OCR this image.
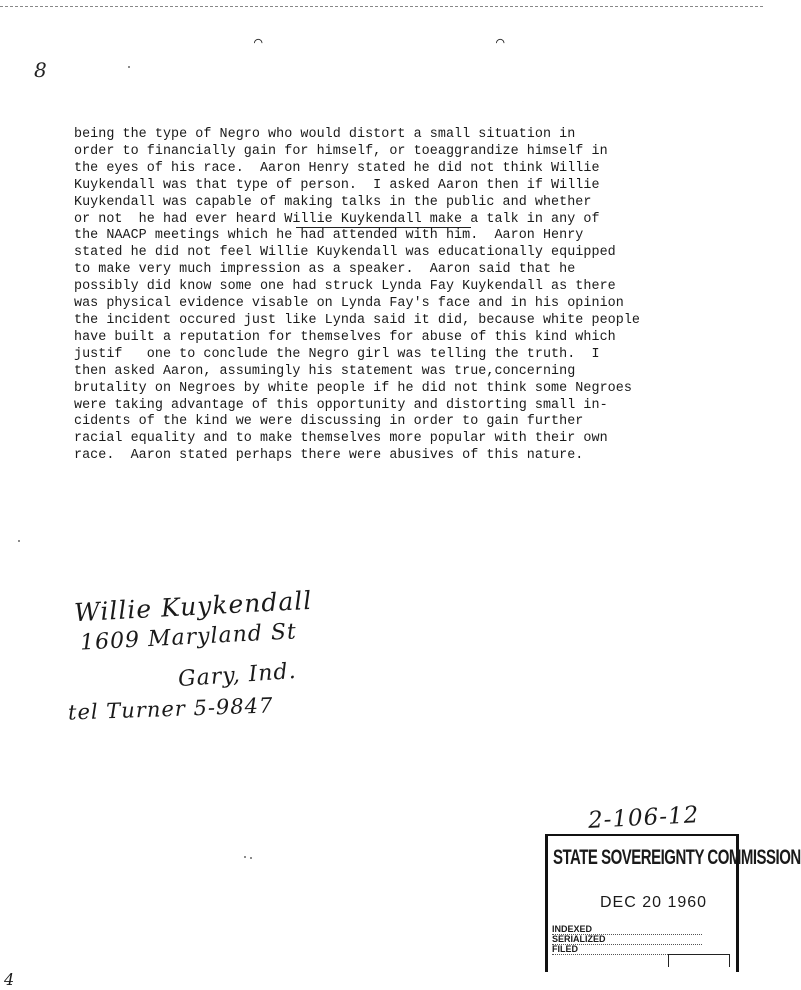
⌒	⌒
8

being the type of Negro who would distort a small situation in

order to financially gain for himself, or toeaggrandize himself in

the eyes of his race.  Aaron Henry stated he did not think Willie

Kuykendall was that type of person.  I asked Aaron then if Willie

Kuykendall was capable of making talks in the public and whether

or not  he had ever heard Willie Kuykendall make a talk in any of

the NAACP meetings which he had attended with him.  Aaron Henry

stated he did not feel Willie Kuykendall was educationally equipped

to make very much impression as a speaker.  Aaron said that he

possibly did know some one had struck Lynda Fay Kuykendall as there

was physical evidence visable on Lynda Fay's face and in his opinion

the incident occured just like Lynda said it did, because white people

have built a reputation for themselves for abuse of this kind which

justif   one to conclude the Negro girl was telling the truth.  I

then asked Aaron, assumingly his statement was true,concerning

brutality on Negroes by white people if he did not think some Negroes

were taking advantage of this opportunity and distorting small in-

cidents of the kind we were discussing in order to gain further

racial equality and to make themselves more popular with their own

race.  Aaron stated perhaps there were abusives of this nature.

Willie Kuykendall
1609 Maryland St
Gary, Ind.
tel Turner 5-9847
2-106-12
STATE SOVEREIGNTY COMMISSION
DEC 20 1960
INDEXED
SERIALIZED
FILED
4
